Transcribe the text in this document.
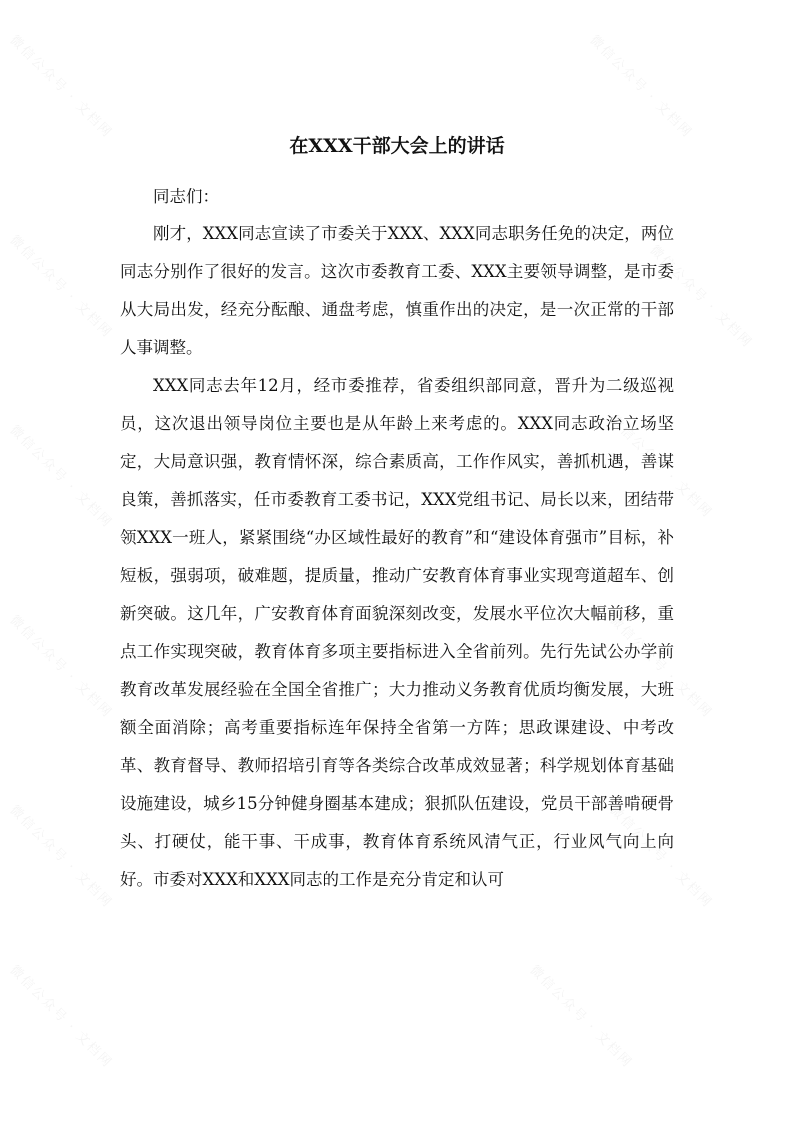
微信公众号 · 文档网	微信公众号 · 文档网
微信公众号 · 文档网	微信公众号 · 文档网
微信公众号 · 文档网	微信公众号 · 文档网
微信公众号 · 文档网	微信公众号 · 文档网
微信公众号 · 文档网	微信公众号 · 文档网
微信公众号 · 文档网	微信公众号 · 文档网
在XXX干部大会上的讲话

同志们：

刚才，XXX同志宣读了市委关于XXX、XXX同志职务任免的决定，两位同志分别作了很好的发言。这次市委教育工委、XXX主要领导调整，是市委从大局出发，经充分酝酿、通盘考虑，慎重作出的决定，是一次正常的干部人事调整。

XXX同志去年12月，经市委推荐，省委组织部同意，晋升为二级巡视员，这次退出领导岗位主要也是从年龄上来考虑的。XXX同志政治立场坚定，大局意识强，教育情怀深，综合素质高，工作作风实，善抓机遇，善谋良策，善抓落实，任市委教育工委书记，XXX党组书记、局长以来，团结带领XXX一班人，紧紧围绕“办区域性最好的教育”和“建设体育强市”目标，补短板，强弱项，破难题，提质量，推动广安教育体育事业实现弯道超车、创新突破。这几年，广安教育体育面貌深刻改变，发展水平位次大幅前移，重点工作实现突破，教育体育多项主要指标进入全省前列。先行先试公办学前教育改革发展经验在全国全省推广；大力推动义务教育优质均衡发展，大班额全面消除；高考重要指标连年保持全省第一方阵；思政课建设、中考改革、教育督导、教师招培引育等各类综合改革成效显著；科学规划体育基础设施建设，城乡15分钟健身圈基本建成；狠抓队伍建设，党员干部善啃硬骨头、打硬仗，能干事、干成事，教育体育系统风清气正，行业风气向上向好。市委对XXX和XXX同志的工作是充分肯定和认可
